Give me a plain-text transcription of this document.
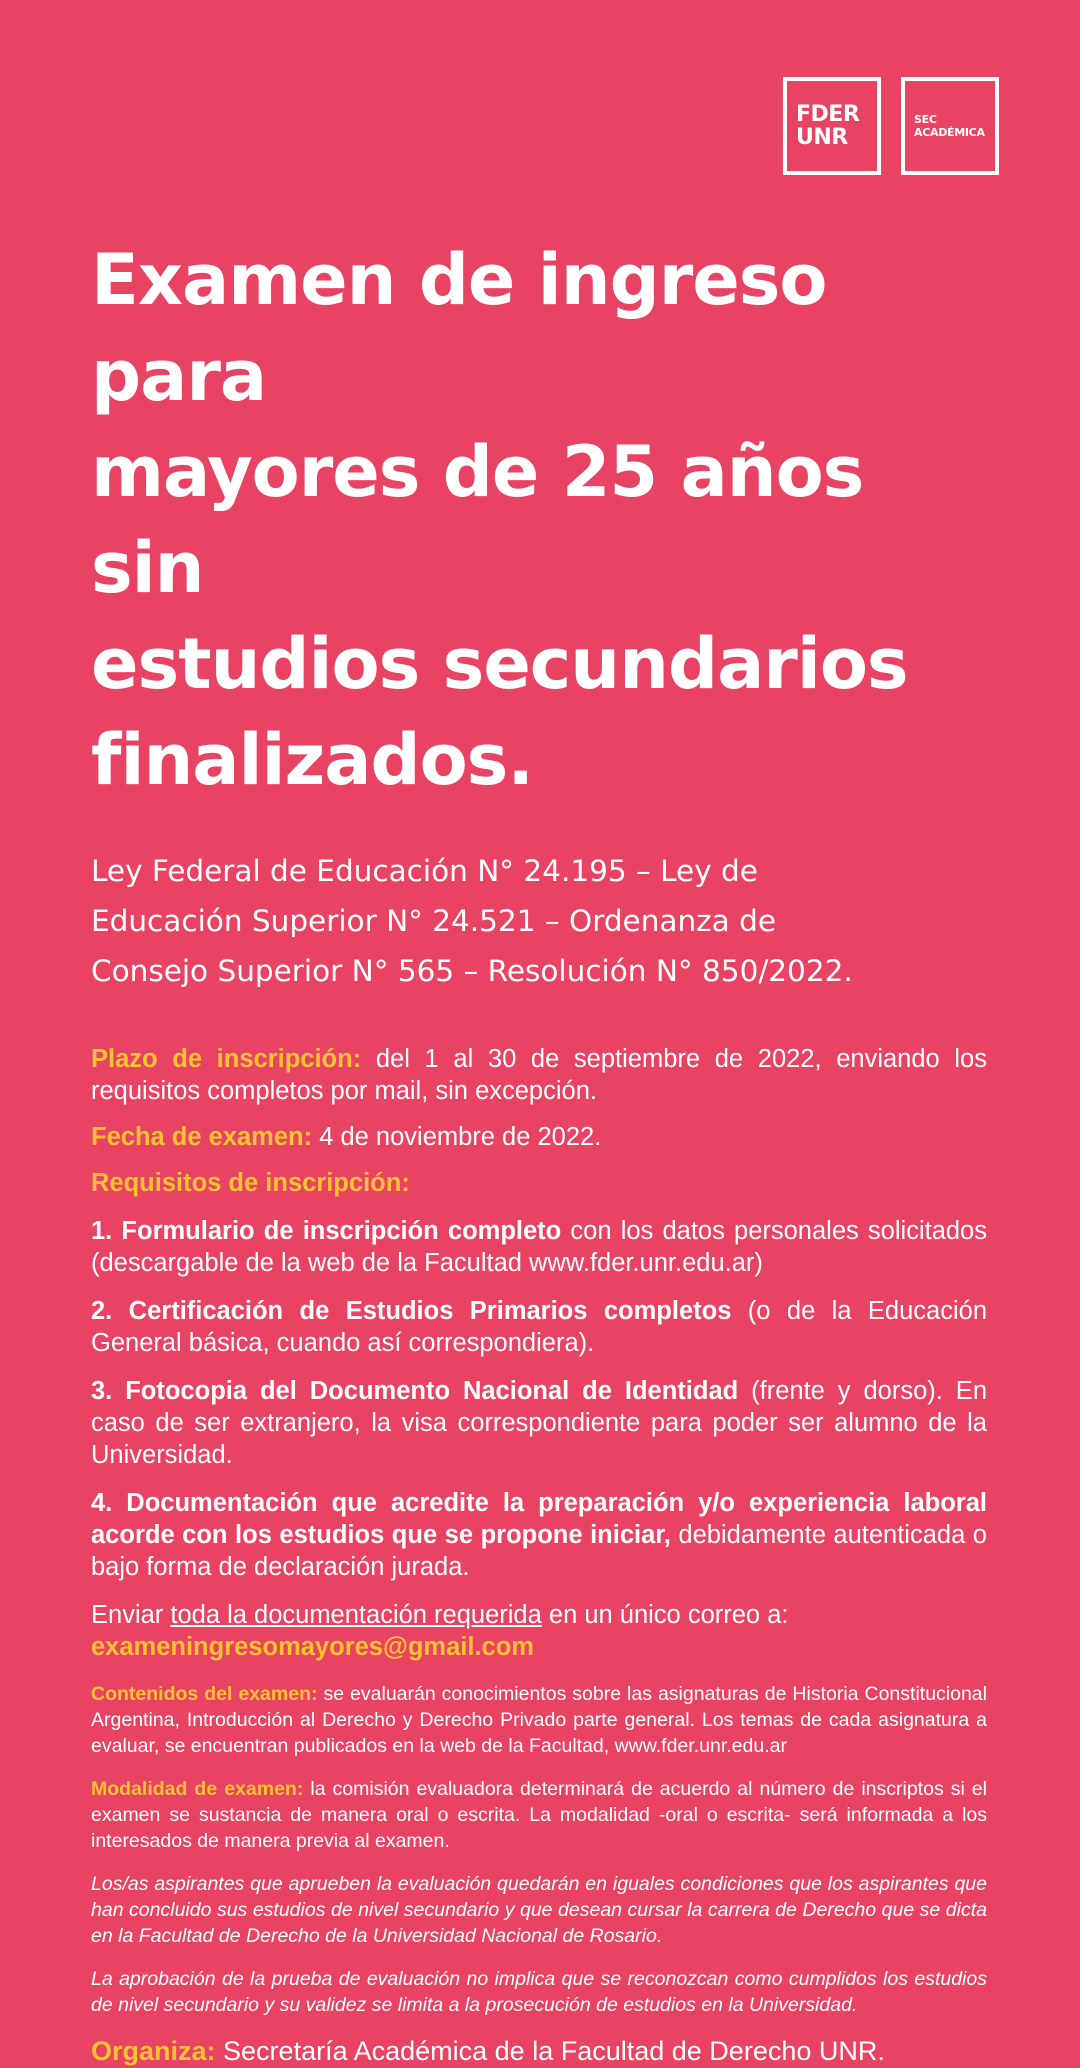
FDER
UNR
SEC
ACADÉMICA
Examen de ingreso para
mayores de 25 años sin
estudios secundarios
finalizados.

Ley Federal de Educación N° 24.195 – Ley de
Educación Superior N° 24.521 – Ordenanza de
Consejo Superior N° 565 – Resolución N° 850/2022.

Plazo de inscripción: del 1 al 30 de septiembre de 2022, enviando los requisitos completos por mail, sin excepción.

Fecha de examen: 4 de noviembre de 2022.

Requisitos de inscripción:

1. Formulario de inscripción completo con los datos personales solicitados (descargable de la web de la Facultad www.fder.unr.edu.ar)

2. Certificación de Estudios Primarios completos (o de la Educación General básica, cuando así correspondiera).

3. Fotocopia del Documento Nacional de Identidad (frente y dorso). En caso de ser extranjero, la visa correspondiente para poder ser alumno de la Universidad.

4. Documentación que acredite la preparación y/o experiencia laboral acorde con los estudios que se propone iniciar, debidamente autenticada o bajo forma de declaración jurada.

Enviar toda la documentación requerida en un único correo a:
exameningresomayores@gmail.com

Contenidos del examen: se evaluarán conocimientos sobre las asignaturas de Historia Constitucional Argentina, Introducción al Derecho y Derecho Privado parte general. Los temas de cada asignatura a evaluar, se encuentran publicados en la web de la Facultad, www.fder.unr.edu.ar

Modalidad de examen: la comisión evaluadora determinará de acuerdo al número de inscriptos si el examen se sustancia de manera oral o escrita. La modalidad -oral o escrita- será informada a los interesados de manera previa al examen.

Los/as aspirantes que aprueben la evaluación quedarán en iguales condiciones que los aspirantes que han concluido sus estudios de nivel secundario y que desean cursar la carrera de Derecho que se dicta en la Facultad de Derecho de la Universidad Nacional de Rosario.

La aprobación de la prueba de evaluación no implica que se reconozcan como cumplidos los estudios de nivel secundario y su validez se limita a la prosecución de estudios en la Universidad.

Organiza: Secretaría Académica de la Facultad de Derecho UNR.
